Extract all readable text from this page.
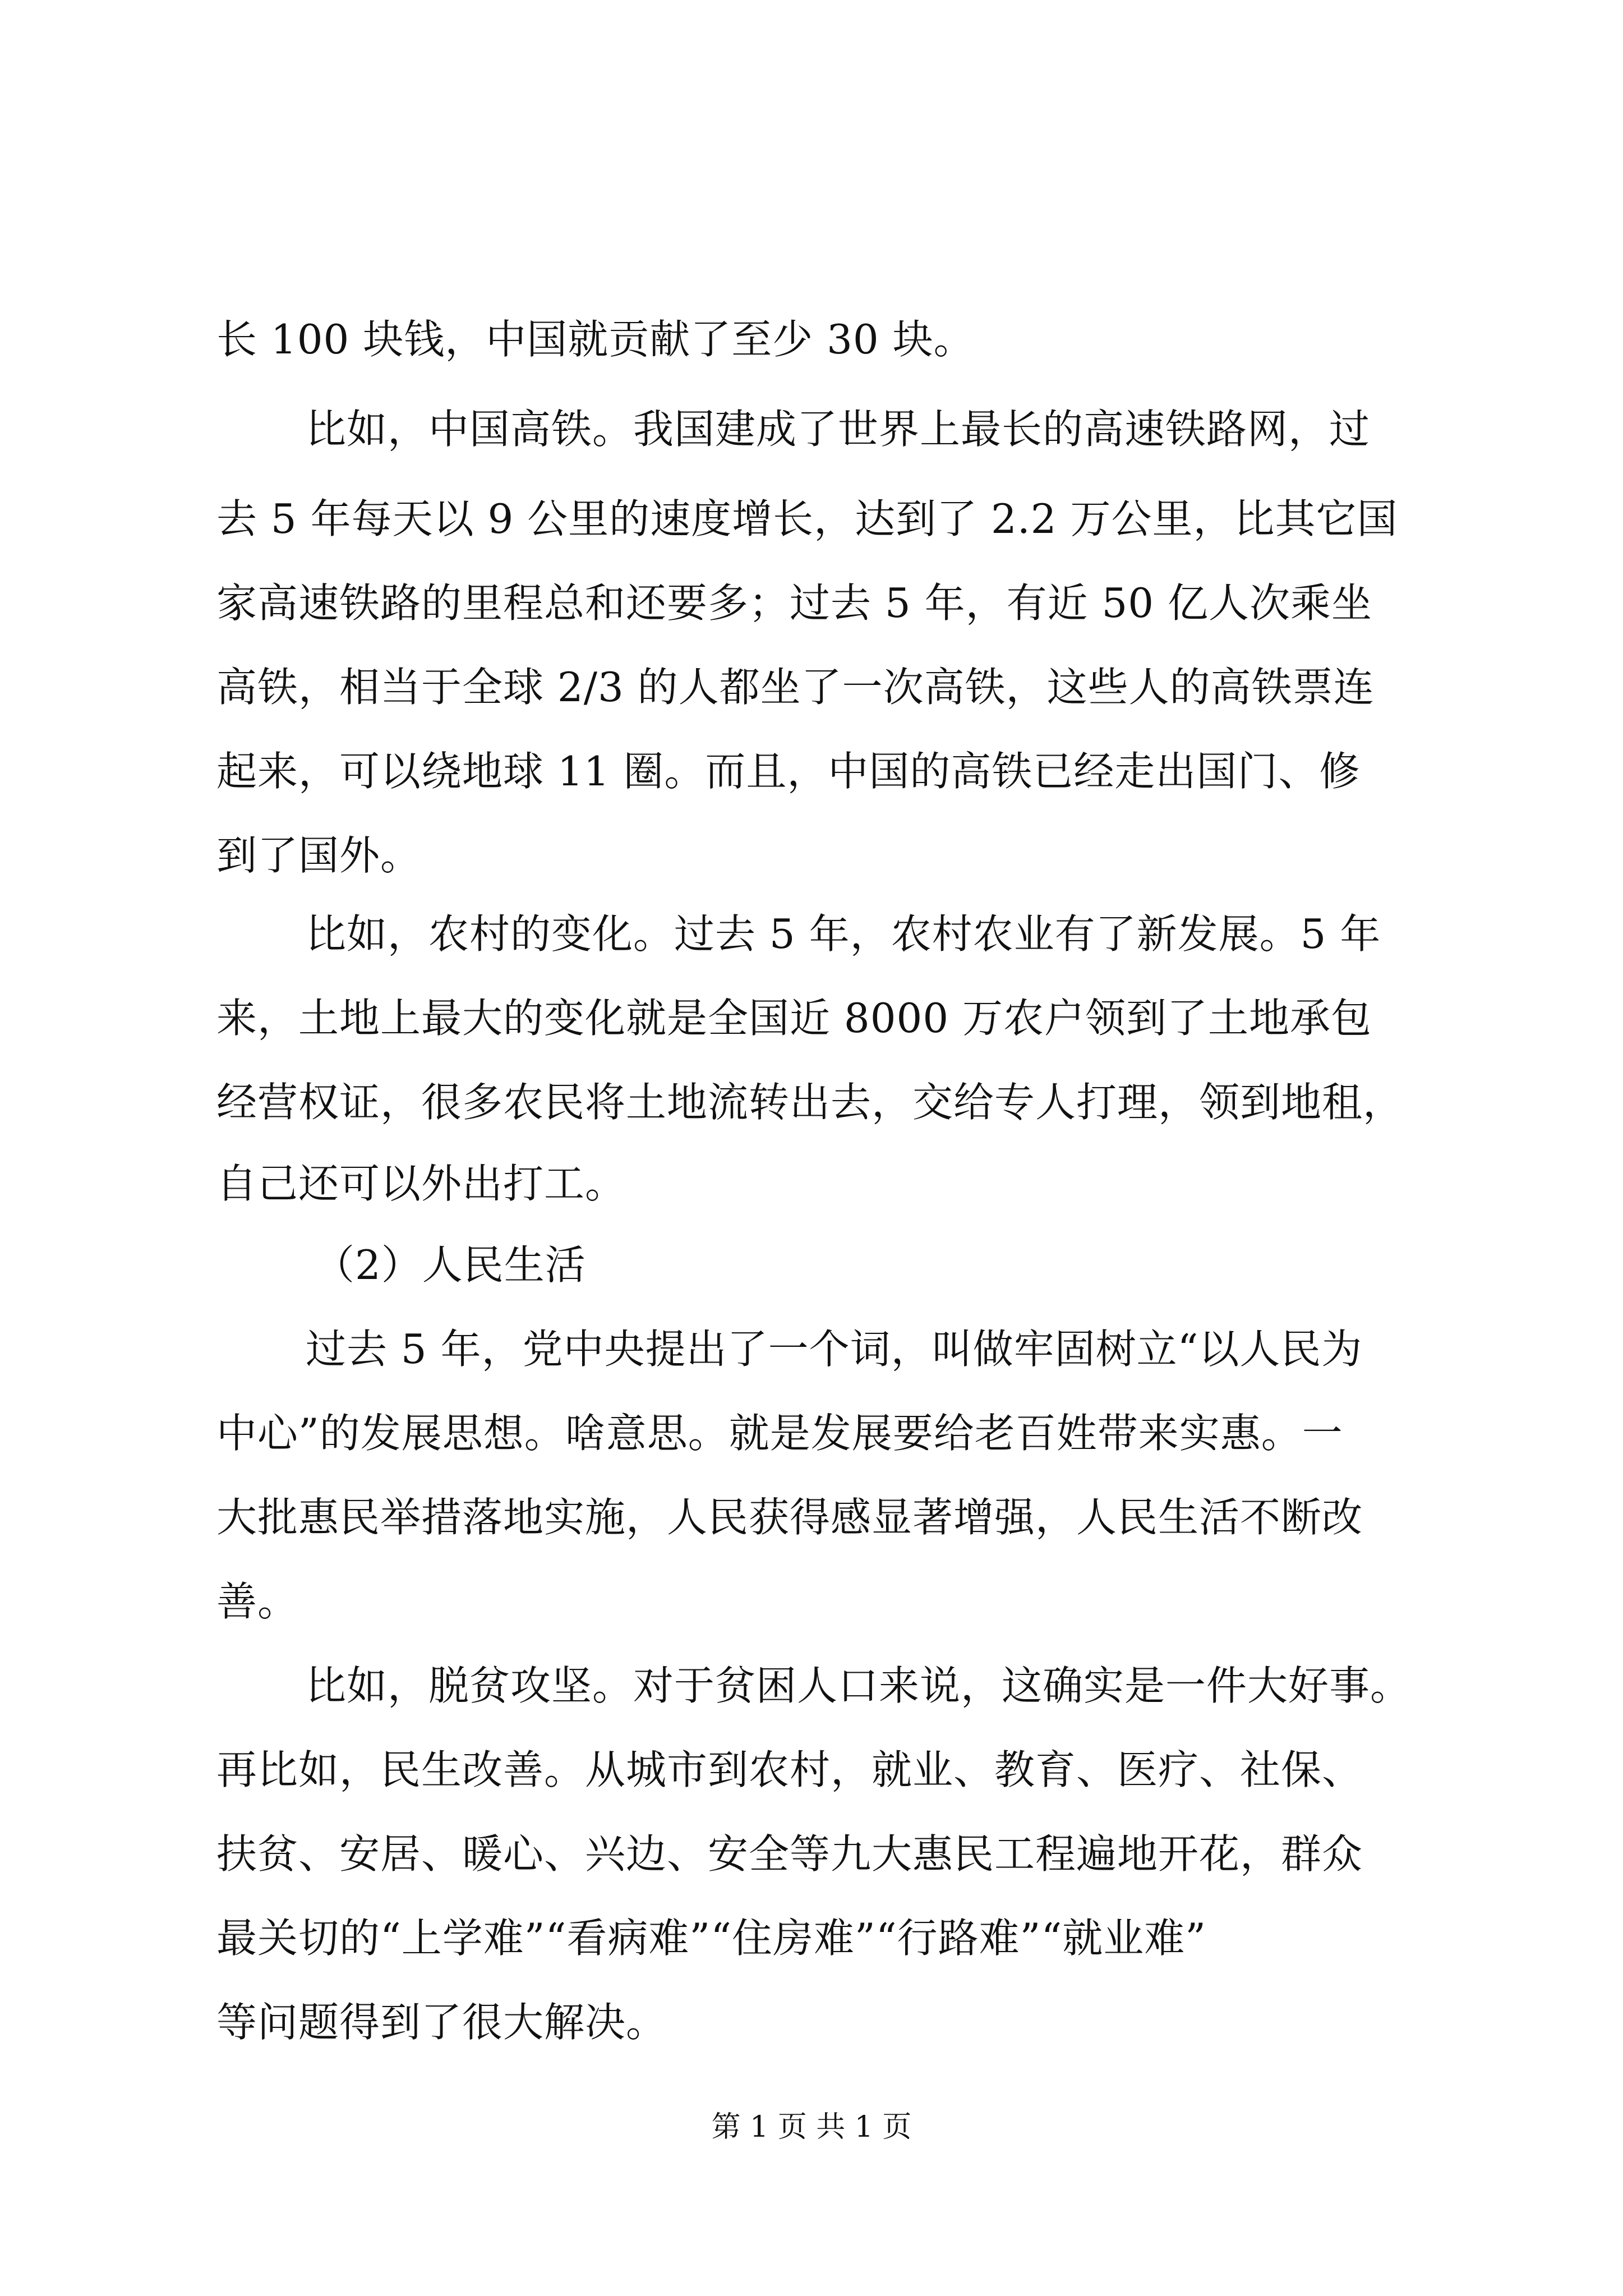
长 100 块钱，中国就贡献了至少 30 块。
比如，中国高铁。我国建成了世界上最长的高速铁路网，过
去 5 年每天以 9 公里的速度增长，达到了 2.2 万公里，比其它国
家高速铁路的里程总和还要多；过去 5 年，有近 50 亿人次乘坐
高铁，相当于全球 2/3 的人都坐了一次高铁，这些人的高铁票连
起来，可以绕地球 11 圈。而且，中国的高铁已经走出国门、修
到了国外。
比如，农村的变化。过去 5 年，农村农业有了新发展。5 年
来，土地上最大的变化就是全国近 8000 万农户领到了土地承包
经营权证，很多农民将土地流转出去，交给专人打理，领到地租，
自己还可以外出打工。
（2）人民生活
过去 5 年，党中央提出了一个词，叫做牢固树立“以人民为
中心”的发展思想。啥意思。就是发展要给老百姓带来实惠。一
大批惠民举措落地实施，人民获得感显著增强，人民生活不断改
善。
比如，脱贫攻坚。对于贫困人口来说，这确实是一件大好事。
再比如，民生改善。从城市到农村，就业、教育、医疗、社保、
扶贫、安居、暖心、兴边、安全等九大惠民工程遍地开花，群众
最关切的“上学难”“看病难”“住房难”“行路难”“就业难”
等问题得到了很大解决。
第 1 页 共 1 页
